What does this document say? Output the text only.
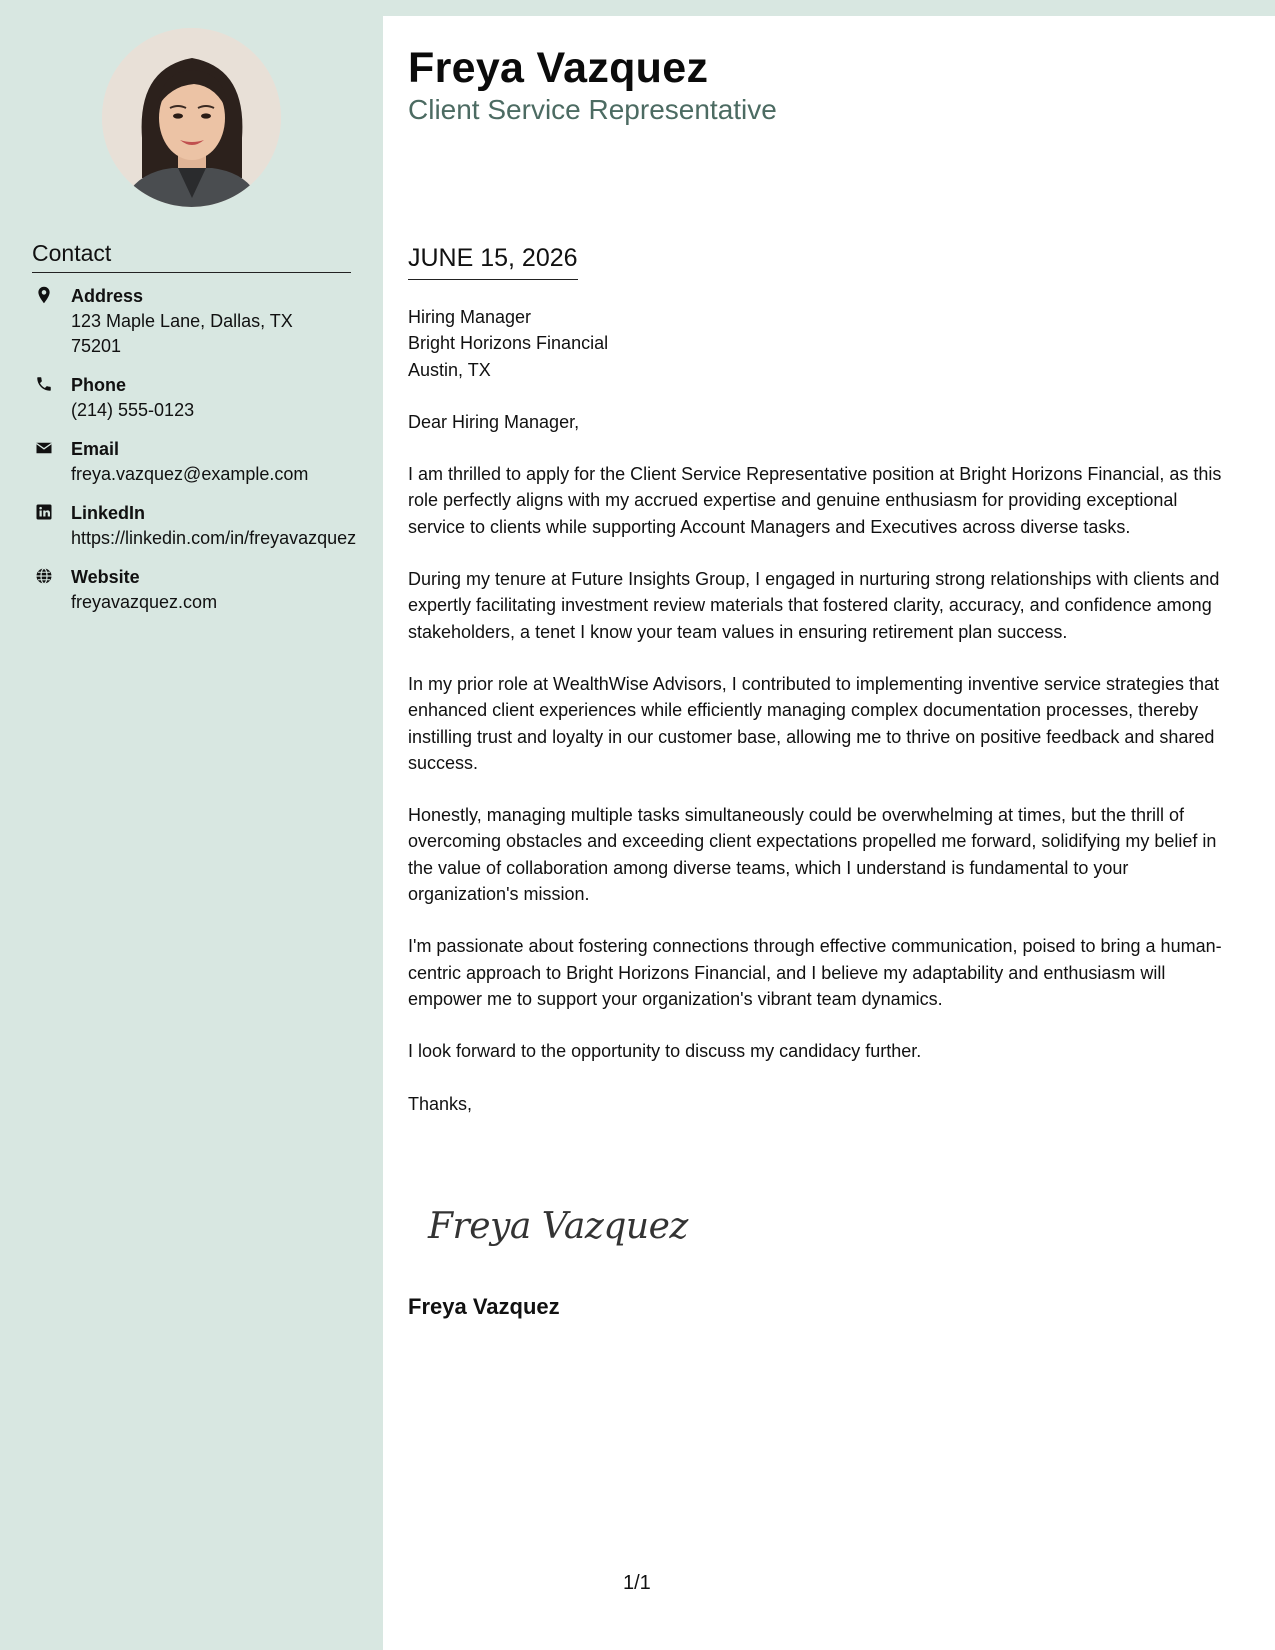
Contact
Address
123 Maple Lane, Dallas, TX 75201
Phone
(214) 555-0123
Email
freya.vazquez@example.com
LinkedIn
https://linkedin.com/in/freyavazquez
Website
freyavazquez.com
Freya Vazquez
Client Service Representative
JUNE 15, 2026
Hiring Manager
Bright Horizons Financial
Austin, TX

Dear Hiring Manager,

I am thrilled to apply for the Client Service Representative position at Bright Horizons Financial, as this role perfectly aligns with my accrued expertise and genuine enthusiasm for providing exceptional service to clients while supporting Account Managers and Executives across diverse tasks.

During my tenure at Future Insights Group, I engaged in nurturing strong relationships with clients and expertly facilitating investment review materials that fostered clarity, accuracy, and confidence among stakeholders, a tenet I know your team values in ensuring retirement plan success.

In my prior role at WealthWise Advisors, I contributed to implementing inventive service strategies that enhanced client experiences while efficiently managing complex documentation processes, thereby instilling trust and loyalty in our customer base, allowing me to thrive on positive feedback and shared success.

Honestly, managing multiple tasks simultaneously could be overwhelming at times, but the thrill of overcoming obstacles and exceeding client expectations propelled me forward, solidifying my belief in the value of collaboration among diverse teams, which I understand is fundamental to your organization's mission.

I'm passionate about fostering connections through effective communication, poised to bring a human-centric approach to Bright Horizons Financial, and I believe my adaptability and enthusiasm will empower me to support your organization's vibrant team dynamics.

I look forward to the opportunity to discuss my candidacy further.

Thanks,

Freya Vazquez
Freya Vazquez
1/1
